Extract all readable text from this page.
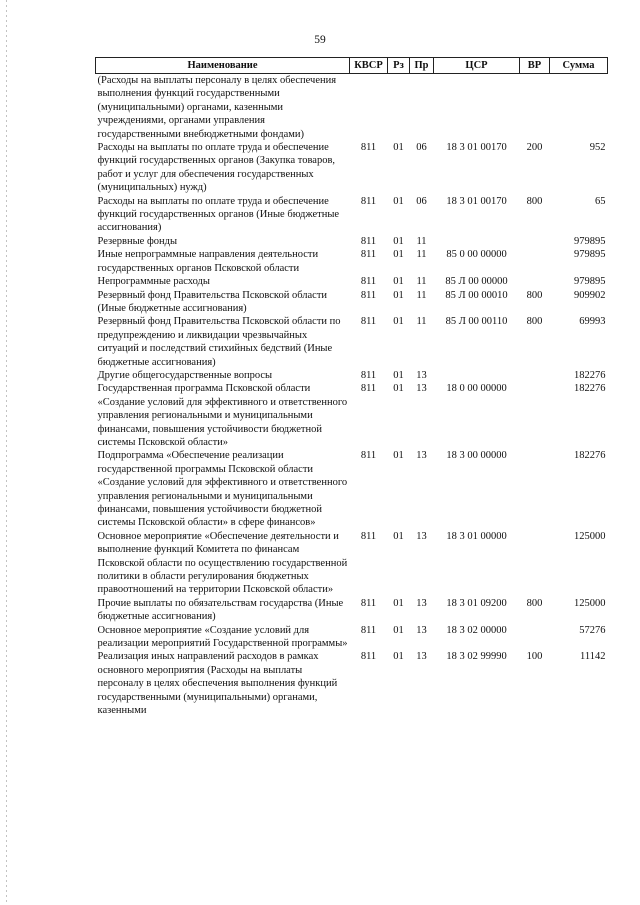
59
Наименование	КВСР	Рз	Пр	ЦСР	ВР	Сумма
(Расходы на выплаты персоналу в целях обеспечения выполнения функций государственными (муниципальными) органами, казенными учреждениями, органами управления государственными внебюджетными фондами)						
Расходы на выплаты по оплате труда и обеспечение функций государственных органов (Закупка товаров, работ и услуг для обеспечения государственных (муниципальных) нужд)	811	01	06	18 3 01 00170	200	952
Расходы на выплаты по оплате труда и обеспечение функций государственных органов (Иные бюджетные ассигнования)	811	01	06	18 3 01 00170	800	65
Резервные фонды	811	01	11			979895
Иные непрограммные направления деятельности государственных органов Псковской области	811	01	11	85 0 00 00000		979895
Непрограммные расходы	811	01	11	85 Л 00 00000		979895
Резервный фонд Правительства Псковской области (Иные бюджетные ассигнования)	811	01	11	85 Л 00 00010	800	909902
Резервный фонд Правительства Псковской области по предупреждению и ликвидации чрезвычайных ситуаций и последствий стихийных бедствий (Иные бюджетные ассигнования)	811	01	11	85 Л 00 00110	800	69993
Другие общегосударственные вопросы	811	01	13			182276
Государственная программа Псковской области «Создание условий для эффективного и ответственного управления региональными и муниципальными финансами, повышения устойчивости бюджетной системы Псковской области»	811	01	13	18 0 00 00000		182276
Подпрограмма «Обеспечение реализации государственной программы Псковской области «Создание условий для эффективного и ответственного управления региональными и муниципальными финансами, повышения устойчивости бюджетной системы Псковской области» в сфере финансов»	811	01	13	18 3 00 00000		182276
Основное мероприятие «Обеспечение деятельности и выполнение функций Комитета по финансам Псковской области по осуществлению государственной политики в области регулирования бюджетных правоотношений на территории Псковской области»	811	01	13	18 3 01 00000		125000
Прочие выплаты по обязательствам государства (Иные бюджетные ассигнования)	811	01	13	18 3 01 09200	800	125000
Основное мероприятие «Создание условий для реализации мероприятий Государственной программы»	811	01	13	18 3 02 00000		57276
Реализация иных направлений расходов в рамках основного мероприятия (Расходы на выплаты персоналу в целях обеспечения выполнения функций государственными (муниципальными) органами, казенными	811	01	13	18 3 02 99990	100	11142
